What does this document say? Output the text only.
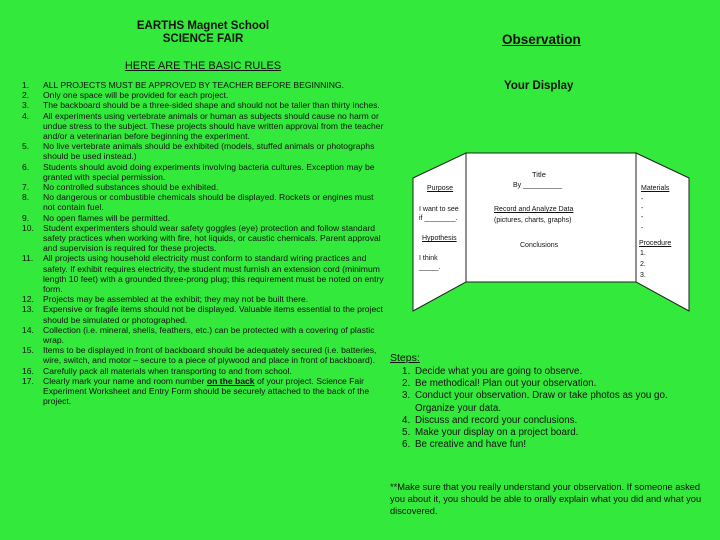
EARTHS Magnet School
SCIENCE FAIR
HERE ARE THE BASIC RULES
1. ALL PROJECTS MUST BE APPROVED BY TEACHER BEFORE BEGINNING.
2. Only one space will be provided for each project.
3. The backboard should be a three-sided shape and should not be taller than thirty inches.
4. All experiments using vertebrate animals or human as subjects should cause no harm or undue stress to the subject. These projects should have written approval from the teacher and/or a veterinarian before beginning the experiment.
5. No live vertebrate animals should be exhibited (models, stuffed animals or photographs should be used instead.)
6. Students should avoid doing experiments involving bacteria cultures. Exception may be granted with special permission.
7. No controlled substances should be exhibited.
8. No dangerous or combustible chemicals should be displayed. Rockets or engines must not contain fuel.
9. No open flames will be permitted.
10. Student experimenters should wear safety goggles (eye) protection and follow standard safety practices when working with fire, hot liquids, or caustic chemicals. Parent approval and supervision is required for these projects.
11. All projects using household electricity must conform to standard wiring practices and safety. If exhibit requires electricity, the student must furnish an extension cord (minimum length 10 feet) with a grounded three-prong plug; this requirement must be noted on entry form.
12. Projects may be assembled at the exhibit; they may not be built there.
13. Expensive or fragile items should not be displayed. Valuable items essential to the project should be simulated or photographed.
14. Collection (i.e. mineral, shells, feathers, etc.) can be protected with a covering of plastic wrap.
15. Items to be displayed in front of backboard should be adequately secured (i.e. batteries, wire, switch, and motor – secure to a piece of plywood and place in front of backboard).
16. Carefully pack all materials when transporting to and from school.
17. Clearly mark your name and room number on the back of your project. Science Fair Experiment Worksheet and Entry Form should be securely attached to the back of the project.
Observation
Your Display
Title
By __________
Record and Analyze Data
(pictures, charts, graphs)
Conclusions
Purpose
I want to see
if ________.
Hypothesis
I think
_____.
Materials
-
-
-
-
Procedure
1.
2.
3.
Steps:
1. Decide what you are going to observe.
2. Be methodical! Plan out your observation.
3. Conduct your observation. Draw or take photos as you go. Organize your data.
4. Discuss and record your conclusions.
5. Make your display on a project board.
6. Be creative and have fun!
**Make sure that you really understand your observation. If someone asked you about it, you should be able to orally explain what you did and what you discovered.
